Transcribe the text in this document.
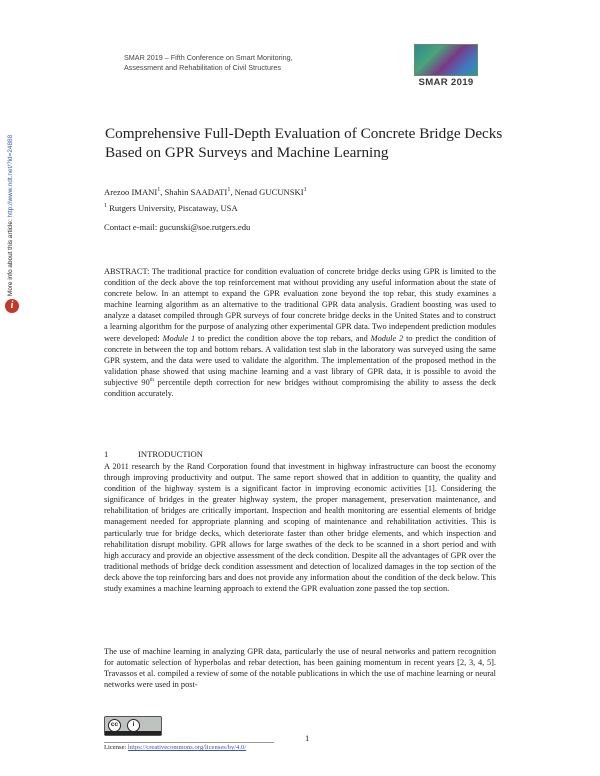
More info about this article: http://www.ndt.net/?id=24888
i
SMAR 2019 – Fifth Conference on Smart Monitoring,
Assessment and Rehabilitation of Civil Structures
SMAR 2019
Comprehensive Full-Depth Evaluation of Concrete Bridge Decks
Based on GPR Surveys and Machine Learning
Arezoo IMANI$^1$, Shahin SAADATI$^1$, Nenad GUCUNSKI$^1$
$^1$ Rutgers University, Piscataway, USA
Contact e-mail: gucunski@soe.rutgers.edu
ABSTRACT: The traditional practice for condition evaluation of concrete bridge decks using GPR is limited to the condition of the deck above the top reinforcement mat without providing any useful information about the state of concrete below. In an attempt to expand the GPR evaluation zone beyond the top rebar, this study examines a machine learning algorithm as an alternative to the traditional GPR data analysis. Gradient boosting was used to analyze a dataset compiled through GPR surveys of four concrete bridge decks in the United States and to construct a learning algorithm for the purpose of analyzing other experimental GPR data. Two independent prediction modules were developed: Module 1 to predict the condition above the top rebars, and Module 2 to predict the condition of concrete in between the top and bottom rebars. A validation test slab in the laboratory was surveyed using the same GPR system, and the data were used to validate the algorithm. The implementation of the proposed method in the validation phase showed that using machine learning and a vast library of GPR data, it is possible to avoid the subjective 90th percentile depth correction for new bridges without compromising the ability to assess the deck condition accurately.
1	INTRODUCTION
A 2011 research by the Rand Corporation found that investment in highway infrastructure can boost the economy through improving productivity and output. The same report showed that in addition to quantity, the quality and condition of the highway system is a significant factor in improving economic activities [1]. Considering the significance of bridges in the greater highway system, the proper management, preservation maintenance, and rehabilitation of bridges are critically important. Inspection and health monitoring are essential elements of bridge management needed for appropriate planning and scoping of maintenance and rehabilitation activities. This is particularly true for bridge decks, which deteriorate faster than other bridge elements, and which inspection and rehabilitation disrupt mobility. GPR allows for large swathes of the deck to be scanned in a short period and with high accuracy and provide an objective assessment of the deck condition. Despite all the advantages of GPR over the traditional methods of bridge deck condition assessment and detection of localized damages in the top section of the deck above the top reinforcing bars and does not provide any information about the condition of the deck below. This study examines a machine learning approach to extend the GPR evaluation zone passed the top section.
The use of machine learning in analyzing GPR data, particularly the use of neural networks and pattern recognition for automatic selection of hyperbolas and rebar detection, has been gaining momentum in recent years [2, 3, 4, 5]. Travassos et al. compiled a review of some of the notable publications in which the use of machine learning or neural networks were used in post-
cc	i
1
License: https://creativecommons.org/licenses/by/4.0/
